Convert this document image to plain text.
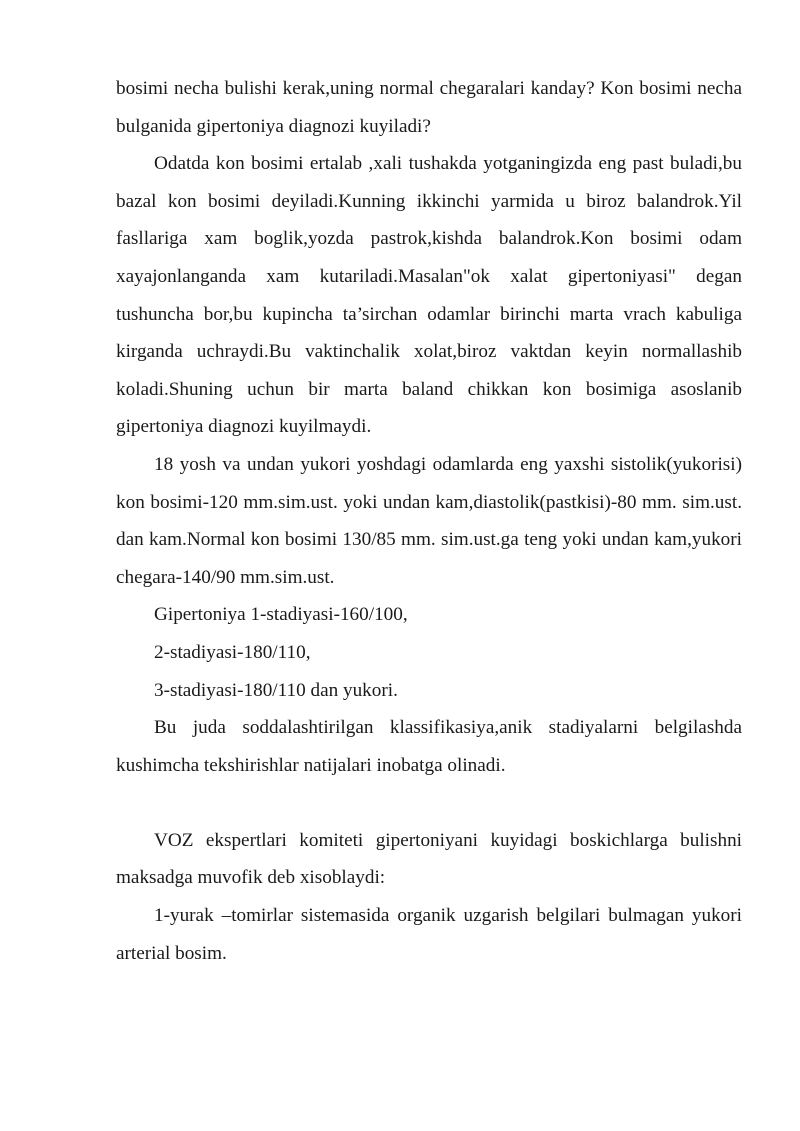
bosimi necha bulishi kerak,uning normal chegaralari kanday? Kon bosimi necha bulganida gipertoniya diagnozi kuyiladi?

Odatda kon bosimi ertalab ,xali tushakda yotganingizda eng past buladi,bu bazal kon bosimi deyiladi.Kunning ikkinchi yarmida u biroz balandrok.Yil fasllariga xam boglik,yozda pastrok,kishda balandrok.Kon bosimi odam xayajonlanganda xam kutariladi.Masalan"ok xalat gipertoniyasi" degan tushuncha bor,bu kupincha ta’sirchan odamlar birinchi marta vrach kabuliga kirganda uchraydi.Bu vaktinchalik xolat,biroz vaktdan keyin normallashib koladi.Shuning uchun bir marta baland chikkan kon bosimiga asoslanib gipertoniya diagnozi kuyilmaydi.

18 yosh va undan yukori yoshdagi odamlarda eng yaxshi sistolik(yukorisi) kon bosimi-120 mm.sim.ust. yoki undan kam,diastolik(pastkisi)-80 mm. sim.ust. dan kam.Normal kon bosimi 130/85 mm. sim.ust.ga teng yoki undan kam,yukori chegara-140/90 mm.sim.ust.

Gipertoniya 1-stadiyasi-160/100,

2-stadiyasi-180/110,

3-stadiyasi-180/110 dan yukori.

Bu juda soddalashtirilgan klassifikasiya,anik stadiyalarni belgilashda kushimcha tekshirishlar natijalari inobatga olinadi.

VOZ ekspertlari komiteti gipertoniyani kuyidagi boskichlarga bulishni maksadga muvofik deb xisoblaydi:

1-yurak –tomirlar sistemasida organik uzgarish belgilari bulmagan yukori arterial bosim.
